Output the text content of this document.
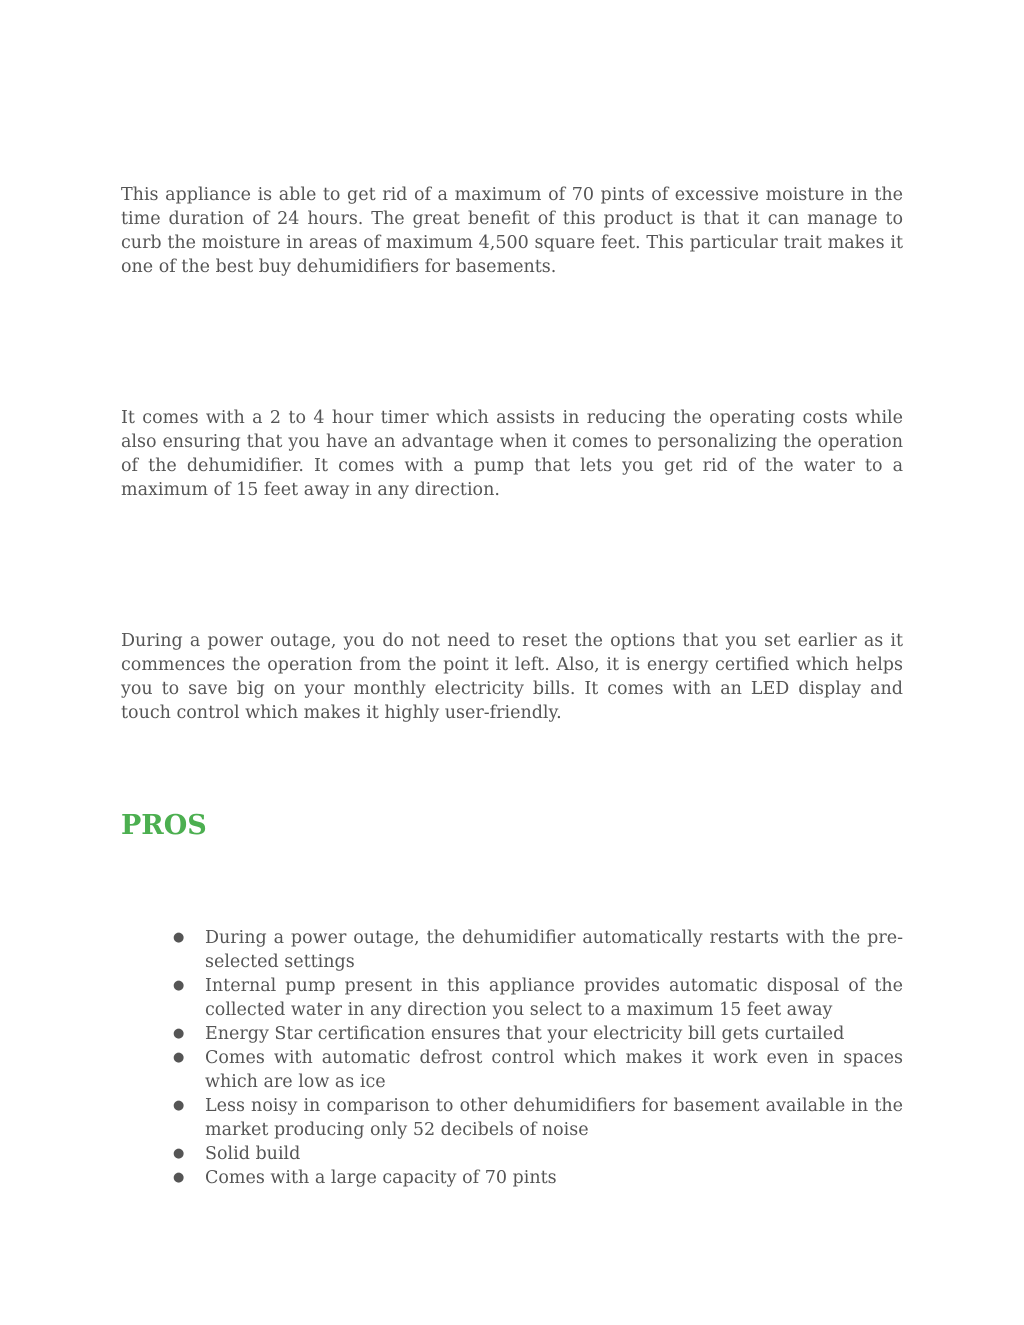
This appliance is able to get rid of a maximum of 70 pints of excessive moisture in the time duration of 24 hours. The great benefit of this product is that it can manage to curb the moisture in areas of maximum 4,500 square feet. This particular trait makes it one of the best buy dehumidifiers for basements.

It comes with a 2 to 4 hour timer which assists in reducing the operating costs while also ensuring that you have an advantage when it comes to personalizing the operation of the dehumidifier. It comes with a pump that lets you get rid of the water to a maximum of 15 feet away in any direction.

During a power outage, you do not need to reset the options that you set earlier as it commences the operation from the point it left. Also, it is energy certified which helps you to save big on your monthly electricity bills. It comes with an LED display and touch control which makes it highly user-friendly.

PROS
● During a power outage, the dehumidifier automatically restarts with the pre-selected settings
● Internal pump present in this appliance provides automatic disposal of the collected water in any direction you select to a maximum 15 feet away
● Energy Star certification ensures that your electricity bill gets curtailed
● Comes with automatic defrost control which makes it work even in spaces which are low as ice
● Less noisy in comparison to other dehumidifiers for basement available in the market producing only 52 decibels of noise
● Solid build
● Comes with a large capacity of 70 pints
